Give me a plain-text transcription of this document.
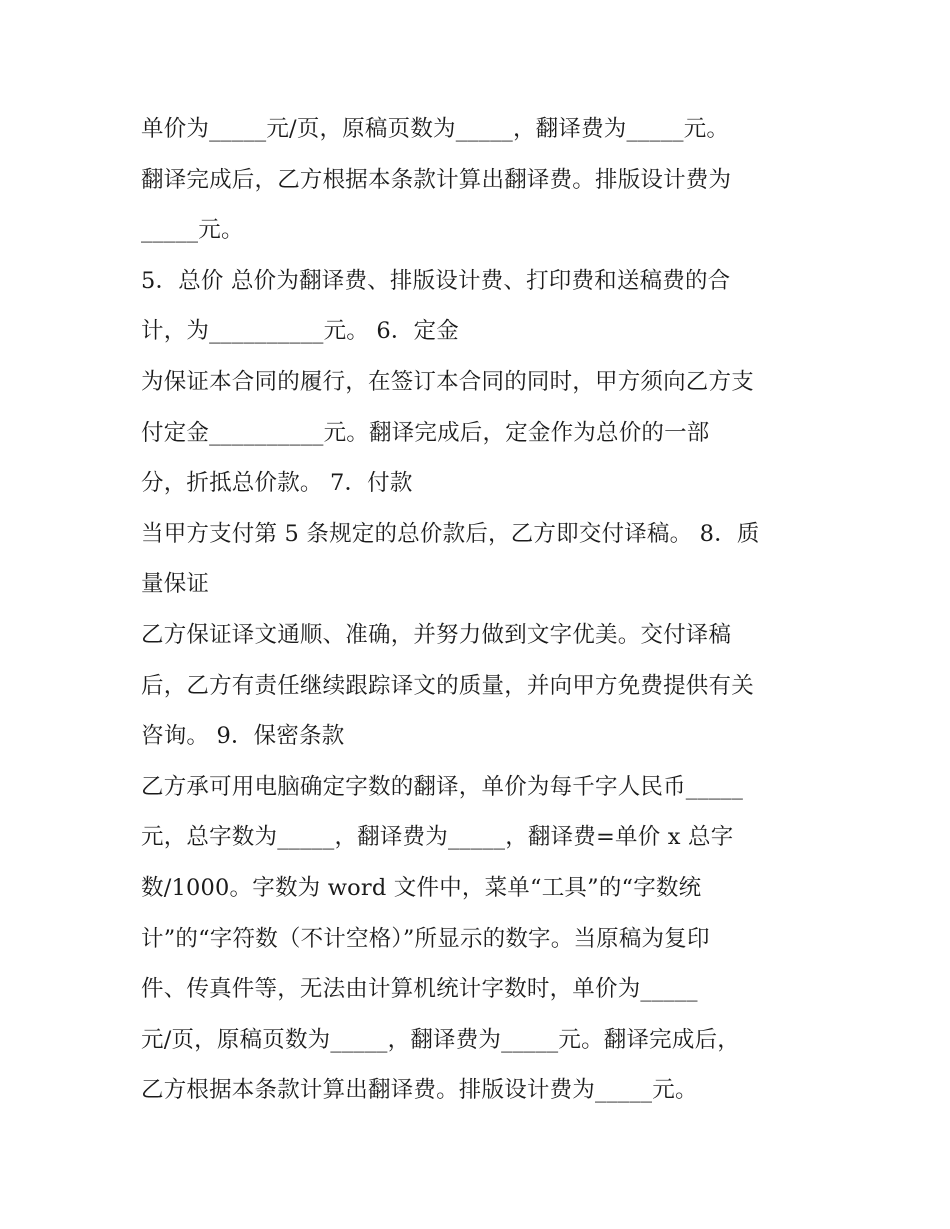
单价为_____元/页，原稿页数为_____，翻译费为_____元。
翻译完成后，乙方根据本条款计算出翻译费。排版设计费为
_____元。
5．总价 总价为翻译费、排版设计费、打印费和送稿费的合
计，为__________元。 6．定金
为保证本合同的履行，在签订本合同的同时，甲方须向乙方支
付定金__________元。翻译完成后，定金作为总价的一部
分，折抵总价款。 7．付款
当甲方支付第 5 条规定的总价款后，乙方即交付译稿。 8．质
量保证
乙方保证译文通顺、准确，并努力做到文字优美。交付译稿
后，乙方有责任继续跟踪译文的质量，并向甲方免费提供有关
咨询。 9．保密条款
乙方承可用电脑确定字数的翻译，单价为每千字人民币_____
元，总字数为_____，翻译费为_____，翻译费=单价 x 总字
数/1000。字数为 word 文件中，菜单“工具”的“字数统
计”的“字符数（不计空格）”所显示的数字。当原稿为复印
件、传真件等，无法由计算机统计字数时，单价为_____
元/页，原稿页数为_____，翻译费为_____元。翻译完成后，
乙方根据本条款计算出翻译费。排版设计费为_____元。
